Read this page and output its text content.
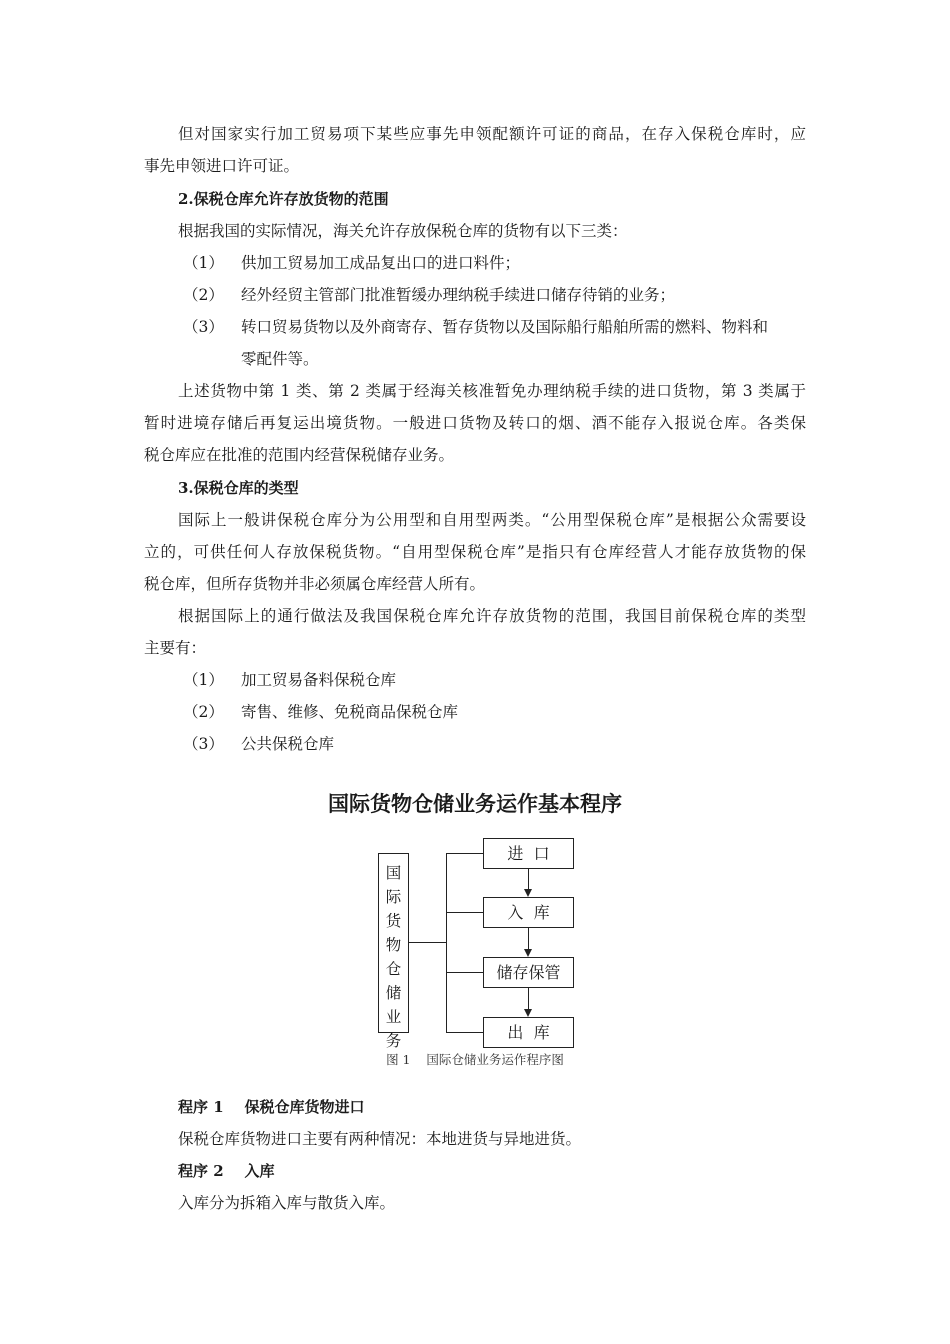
但对国家实行加工贸易项下某些应事先申领配额许可证的商品，在存入保税仓库时，应
事先申领进口许可证。
2.保税仓库允许存放货物的范围
根据我国的实际情况，海关允许存放保税仓库的货物有以下三类：
（1） 供加工贸易加工成品复出口的进口料件；
（2） 经外经贸主管部门批准暂缓办理纳税手续进口储存待销的业务；
（3） 转口贸易货物以及外商寄存、暂存货物以及国际船行船舶所需的燃料、物料和
零配件等。
上述货物中第 1 类、第 2 类属于经海关核准暂免办理纳税手续的进口货物，第 3 类属于
暂时进境存储后再复运出境货物。一般进口货物及转口的烟、酒不能存入报说仓库。各类保
税仓库应在批准的范围内经营保税储存业务。
3.保税仓库的类型
国际上一般讲保税仓库分为公用型和自用型两类。“公用型保税仓库”是根据公众需要设
立的，可供任何人存放保税货物。“自用型保税仓库”是指只有仓库经营人才能存放货物的保
税仓库，但所存货物并非必须属仓库经营人所有。
根据国际上的通行做法及我国保税仓库允许存放货物的范围，我国目前保税仓库的类型
主要有：
（1） 加工贸易备料保税仓库
（2） 寄售、维修、免税商品保税仓库
（3） 公共保税仓库
国际货物仓储业务运作基本程序
国
际
货
物
仓
储
业
务
进  口
入  库
储存保管
出  库
图 1    国际仓储业务运作程序图
程序 1    保税仓库货物进口
保税仓库货物进口主要有两种情况：本地进货与异地进货。
程序 2    入库
入库分为拆箱入库与散货入库。
